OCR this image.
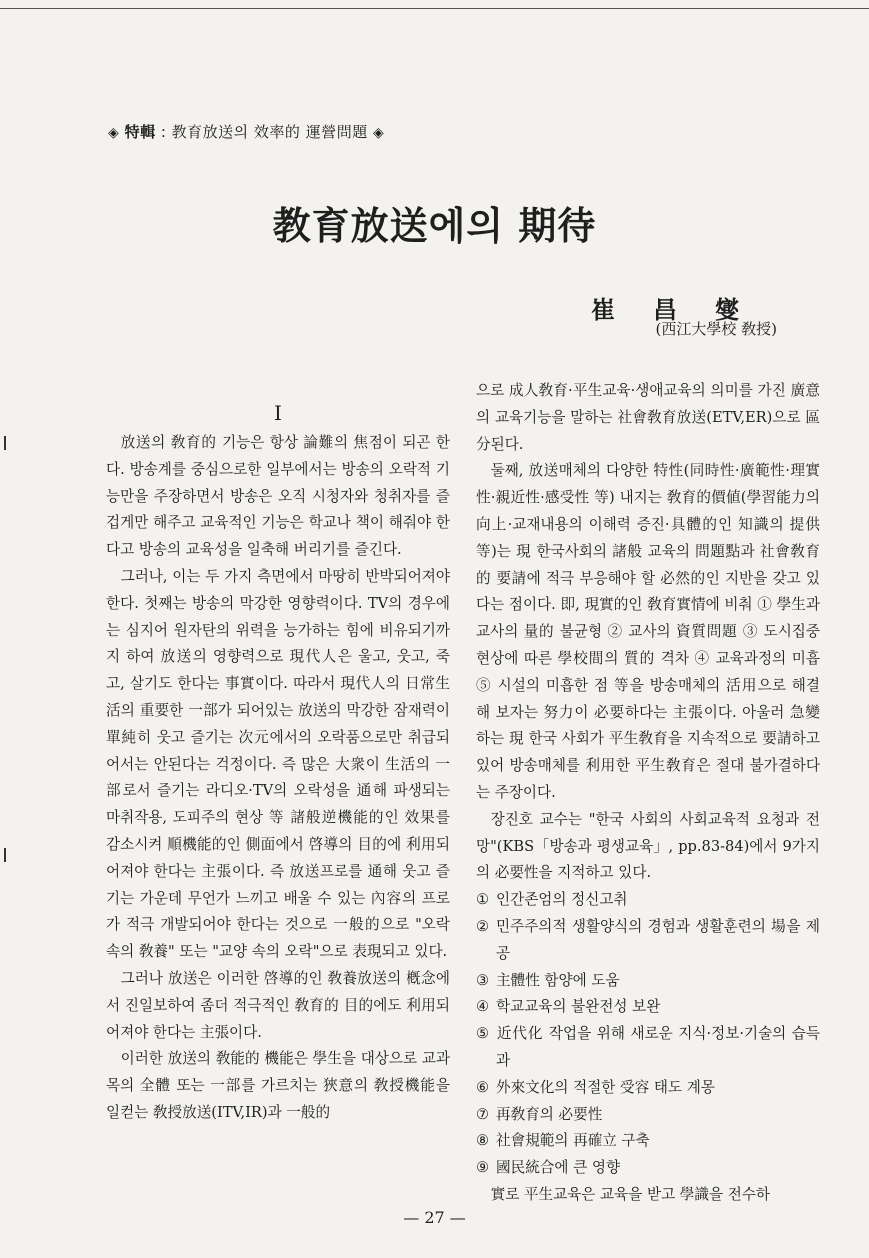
◈ 特輯 : 教育放送의 效率的 運營問題 ◈
教育放送에의 期待
崔昌燮
(西江大學校 敎授)
I

放送의 敎育的 기능은 항상 論難의 焦점이 되곤 한다. 방송계를 중심으로한 일부에서는 방송의 오락적 기능만을 주장하면서 방송은 오직 시청자와 청취자를 즐겁게만 해주고 교육적인 기능은 학교나 책이 해줘야 한다고 방송의 교육성을 일축해 버리기를 즐긴다.

그러나, 이는 두 가지 측면에서 마땅히 반박되어져야 한다. 첫째는 방송의 막강한 영향력이다. TV의 경우에는 심지어 원자탄의 위력을 능가하는 힘에 비유되기까지 하여 放送의 영향력으로 現代人은 울고, 웃고, 죽고, 살기도 한다는 事實이다. 따라서 現代人의 日常生活의 重要한 一部가 되어있는 放送의 막강한 잠재력이 單純히 웃고 즐기는 次元에서의 오락품으로만 취급되어서는 안된다는 걱정이다. 즉 많은 大衆이 生活의 一部로서 즐기는 라디오·TV의 오락성을 通해 파생되는 마취작용, 도피주의 현상 等 諸般逆機能的인 效果를 감소시켜 順機能的인 側面에서 啓導의 目的에 利用되어져야 한다는 主張이다. 즉 放送프로를 通해 웃고 즐기는 가운데 무언가 느끼고 배울 수 있는 內容의 프로가 적극 개발되어야 한다는 것으로 一般的으로 "오락 속의 敎養" 또는 "교양 속의 오락"으로 表現되고 있다.

그러나 放送은 이러한 啓導的인 敎養放送의 槪念에서 진일보하여 좀더 적극적인 敎育的 目的에도 利用되어져야 한다는 主張이다.

이러한 放送의 敎能的 機能은 學生을 대상으로 교과목의 全體 또는 一部를 가르치는 狹意의 敎授機能을 일컫는 敎授放送(ITV,IR)과 一般的

으로 成人敎育·平生교육·생애교육의 의미를 가진 廣意의 교육기능을 말하는 社會敎育放送(ETV,ER)으로 區分된다.

둘째, 放送매체의 다양한 特性(同時性·廣範性·理實性·親近性·感受性 等) 내지는 敎育的價値(學習能力의 向上·교재내용의 이해력 증진·具體的인 知識의 提供 等)는 現 한국사회의 諸般 교육의 問題點과 社會敎育的 要請에 적극 부응해야 할 必然的인 지반을 갖고 있다는 점이다. 即, 現實的인 敎育實情에 비춰 ① 學生과 교사의 量的 불균형 ② 교사의 資質問題 ③ 도시집중현상에 따른 學校間의 質的 격차 ④ 교육과정의 미흡 ⑤ 시설의 미흡한 점 等을 방송매체의 活用으로 해결해 보자는 努力이 必要하다는 主張이다. 아울러 急變하는 現 한국 사회가 平生敎育을 지속적으로 要請하고 있어 방송매체를 利用한 平生敎育은 절대 불가결하다는 주장이다.

장진호 교수는 "한국 사회의 사회교육적 요청과 전망"(KBS「방송과 평생교육」, pp.83-84)에서 9가지의 必要性을 지적하고 있다.

① 인간존엄의 정신고취
② 민주주의적 생활양식의 경험과 생활훈련의 場을 제공
③ 主體性 함양에 도움
④ 학교교육의 불완전성 보완
⑤ 近代化 작업을 위해 새로운 지식·정보·기술의 습득과
⑥ 外來文化의 적절한 受容 태도 계몽
⑦ 再敎育의 必要性
⑧ 社會規範의 再確立 구축
⑨ 國民統合에 큰 영향

實로 平生교육은 교육을 받고 學識을 전수하

— 27 —
